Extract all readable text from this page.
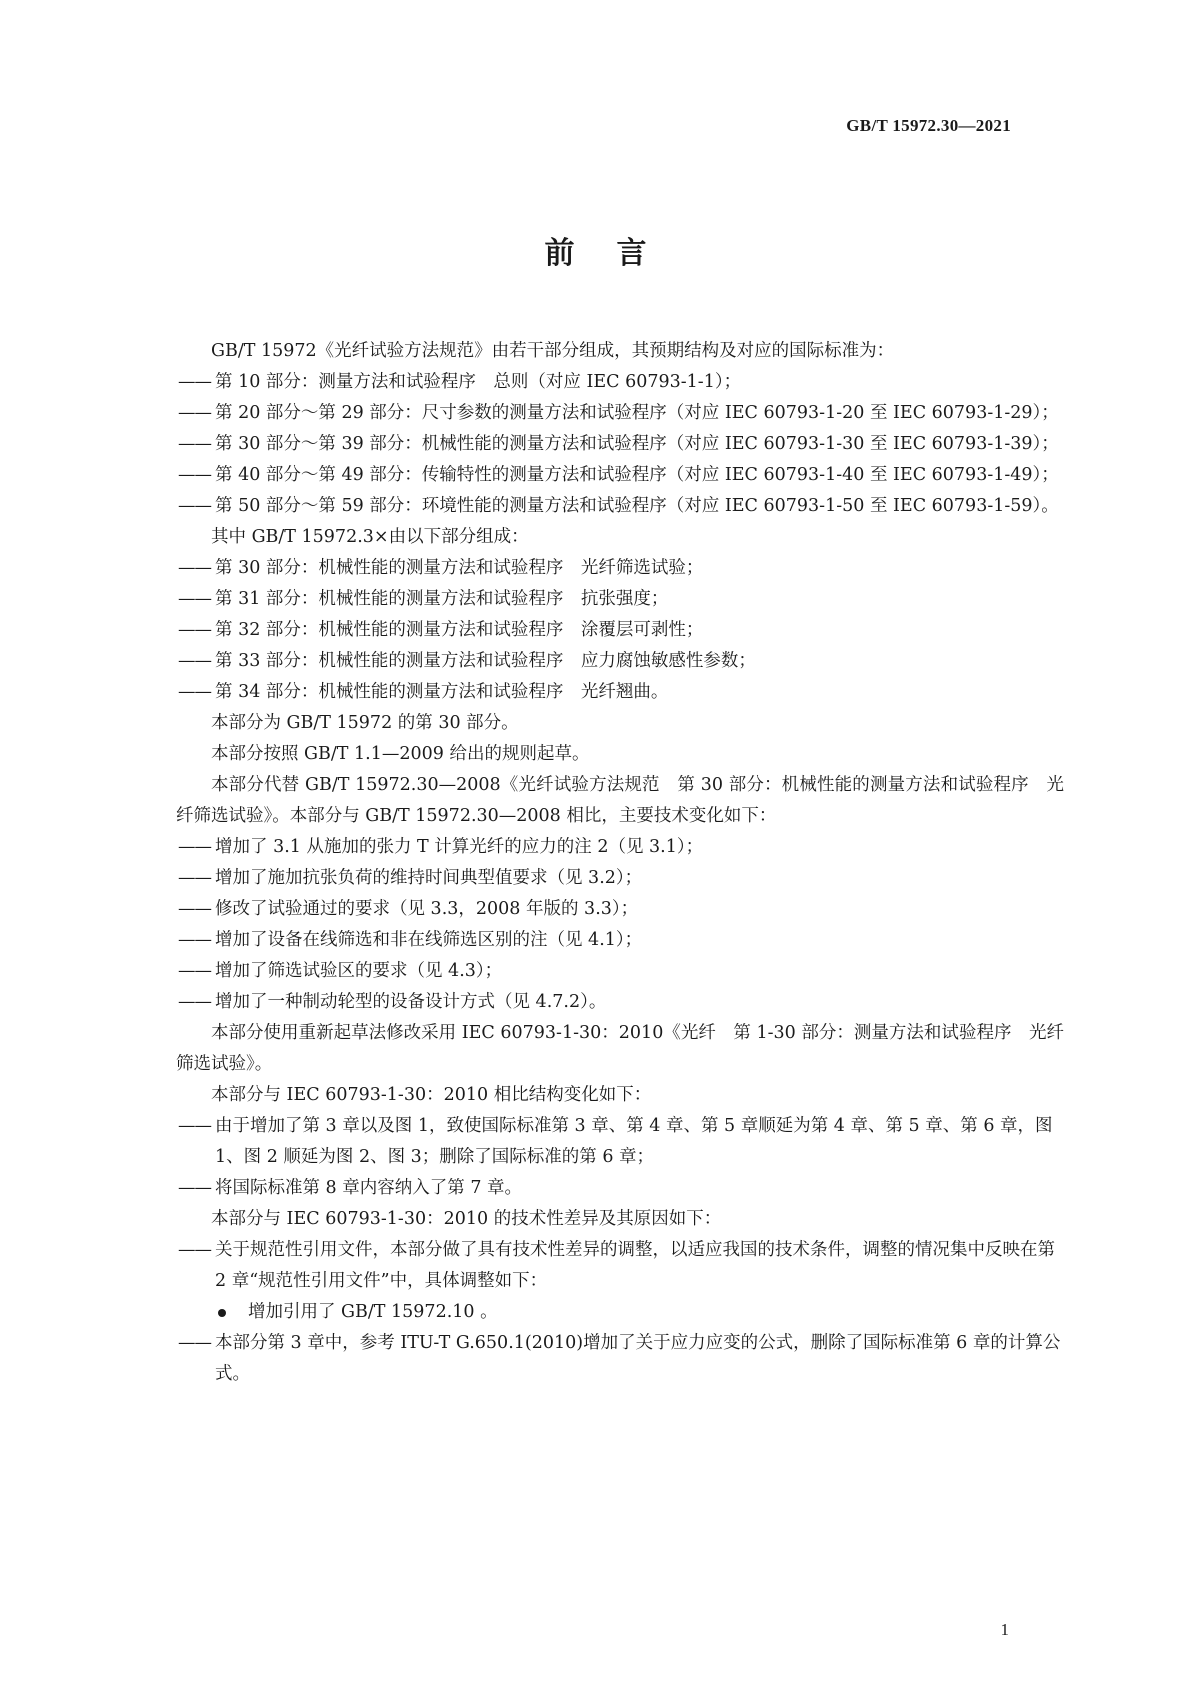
GB/T 15972.30—2021
前言
GB/T 15972《光纤试验方法规范》由若干部分组成，其预期结构及对应的国际标准为：
—— 第 10 部分：测量方法和试验程序　总则（对应 IEC 60793-1-1）；
—— 第 20 部分～第 29 部分：尺寸参数的测量方法和试验程序（对应 IEC 60793-1-20 至 IEC 60793-1-29）；
—— 第 30 部分～第 39 部分：机械性能的测量方法和试验程序（对应 IEC 60793-1-30 至 IEC 60793-1-39）；
—— 第 40 部分～第 49 部分：传输特性的测量方法和试验程序（对应 IEC 60793-1-40 至 IEC 60793-1-49）；
—— 第 50 部分～第 59 部分：环境性能的测量方法和试验程序（对应 IEC 60793-1-50 至 IEC 60793-1-59）。
其中 GB/T 15972.3×由以下部分组成：
—— 第 30 部分：机械性能的测量方法和试验程序　光纤筛选试验；
—— 第 31 部分：机械性能的测量方法和试验程序　抗张强度；
—— 第 32 部分：机械性能的测量方法和试验程序　涂覆层可剥性；
—— 第 33 部分：机械性能的测量方法和试验程序　应力腐蚀敏感性参数；
—— 第 34 部分：机械性能的测量方法和试验程序　光纤翘曲。
本部分为 GB/T 15972 的第 30 部分。
本部分按照 GB/T 1.1—2009 给出的规则起草。
本部分代替 GB/T 15972.30—2008《光纤试验方法规范　第 30 部分：机械性能的测量方法和试验程序　光纤筛选试验》。本部分与 GB/T 15972.30—2008 相比，主要技术变化如下：
—— 增加了 3.1 从施加的张力 T 计算光纤的应力的注 2（见 3.1）；
—— 增加了施加抗张负荷的维持时间典型值要求（见 3.2）；
—— 修改了试验通过的要求（见 3.3，2008 年版的 3.3）；
—— 增加了设备在线筛选和非在线筛选区别的注（见 4.1）；
—— 增加了筛选试验区的要求（见 4.3）；
—— 增加了一种制动轮型的设备设计方式（见 4.7.2）。
本部分使用重新起草法修改采用 IEC 60793-1-30：2010《光纤　第 1-30 部分：测量方法和试验程序　光纤筛选试验》。
本部分与 IEC 60793-1-30：2010 相比结构变化如下：
—— 由于增加了第 3 章以及图 1，致使国际标准第 3 章、第 4 章、第 5 章顺延为第 4 章、第 5 章、第 6 章，图 1、图 2 顺延为图 2、图 3；删除了国际标准的第 6 章；
—— 将国际标准第 8 章内容纳入了第 7 章。
本部分与 IEC 60793-1-30：2010 的技术性差异及其原因如下：
—— 关于规范性引用文件，本部分做了具有技术性差异的调整，以适应我国的技术条件，调整的情况集中反映在第 2 章“规范性引用文件”中，具体调整如下：
增加引用了 GB/T 15972.10 。
—— 本部分第 3 章中，参考 ITU-T G.650.1(2010)增加了关于应力应变的公式，删除了国际标准第 6 章的计算公式。
1
